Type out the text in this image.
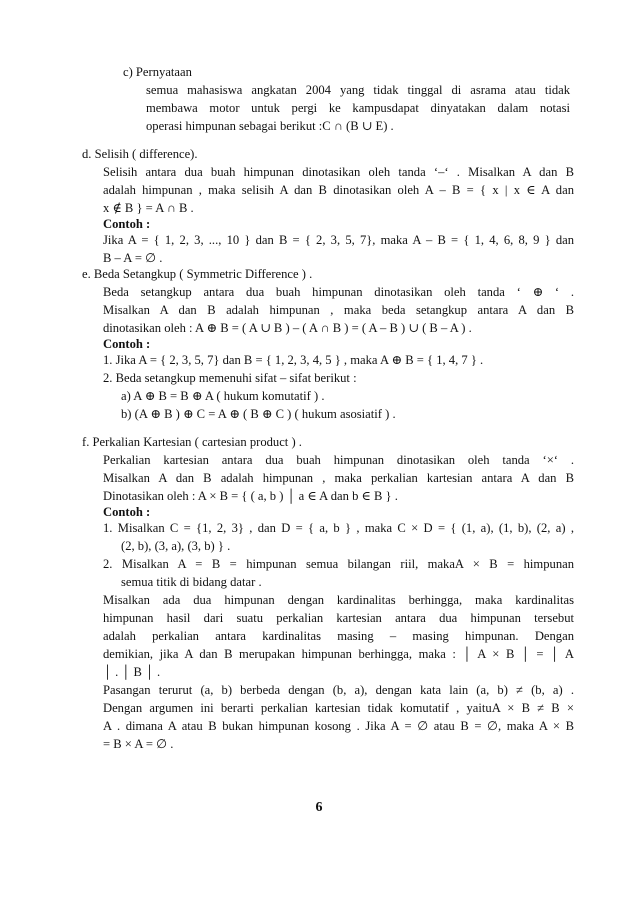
c) Pernyataan
semua mahasiswa angkatan 2004 yang tidak tinggal di asrama atau tidak
membawa motor untuk pergi ke kampusdapat dinyatakan dalam notasi
operasi himpunan sebagai berikut :C ∩ (B ∪ E) .
d. Selisih ( difference).
Selisih antara dua buah himpunan dinotasikan oleh tanda ‘–‘ . Misalkan A dan B
adalah himpunan , maka selisih A dan B dinotasikan oleh A – B = { x | x ∈ A dan
x ∉ B } = A ∩ B .
Contoh :
Jika A = { 1, 2, 3, ..., 10 } dan B = { 2, 3, 5, 7}, maka A – B = { 1, 4, 6, 8, 9 } dan
B – A = ∅ .
e. Beda Setangkup ( Symmetric Difference ) .
Beda setangkup antara dua buah himpunan dinotasikan oleh tanda ‘ ⊕ ‘ .
Misalkan A dan B adalah himpunan , maka beda setangkup antara A dan B
dinotasikan oleh : A ⊕ B = ( A ∪ B ) – ( A ∩ B ) = ( A – B ) ∪ ( B – A ) .
Contoh :
1. Jika A = { 2, 3, 5, 7} dan B = { 1, 2, 3, 4, 5 } , maka A ⊕ B = { 1, 4, 7 } .
2. Beda setangkup memenuhi sifat – sifat berikut :
a) A ⊕ B = B ⊕ A ( hukum komutatif ) .
b) (A ⊕ B ) ⊕ C = A ⊕ ( B ⊕ C ) ( hukum asosiatif ) .
f. Perkalian Kartesian ( cartesian product ) .
Perkalian kartesian antara dua buah himpunan dinotasikan oleh tanda ‘×‘ .
Misalkan A dan B adalah himpunan , maka perkalian kartesian antara A dan B
Dinotasikan oleh : A × B = { ( a, b ) │ a ∈ A dan b ∈ B } .
Contoh :
1. Misalkan C = {1, 2, 3} , dan D = { a, b } , maka C × D = { (1, a), (1, b), (2, a) ,
(2, b), (3, a), (3, b) } .
2. Misalkan A = B = himpunan semua bilangan riil, makaA × B = himpunan
semua titik di bidang datar .
Misalkan ada dua himpunan dengan kardinalitas berhingga, maka kardinalitas
himpunan hasil dari suatu perkalian kartesian antara dua himpunan tersebut
adalah perkalian antara kardinalitas masing – masing himpunan. Dengan
demikian, jika A dan B merupakan himpunan berhingga, maka : │ A × B │ = │ A
│ . │ B │ .
Pasangan terurut (a, b) berbeda dengan (b, a), dengan kata lain (a, b) ≠ (b, a) .
Dengan argumen ini berarti perkalian kartesian tidak komutatif , yaituA × B ≠ B ×
A . dimana A atau B bukan himpunan kosong . Jika A = ∅ atau B = ∅, maka A × B
= B × A = ∅ .
6
